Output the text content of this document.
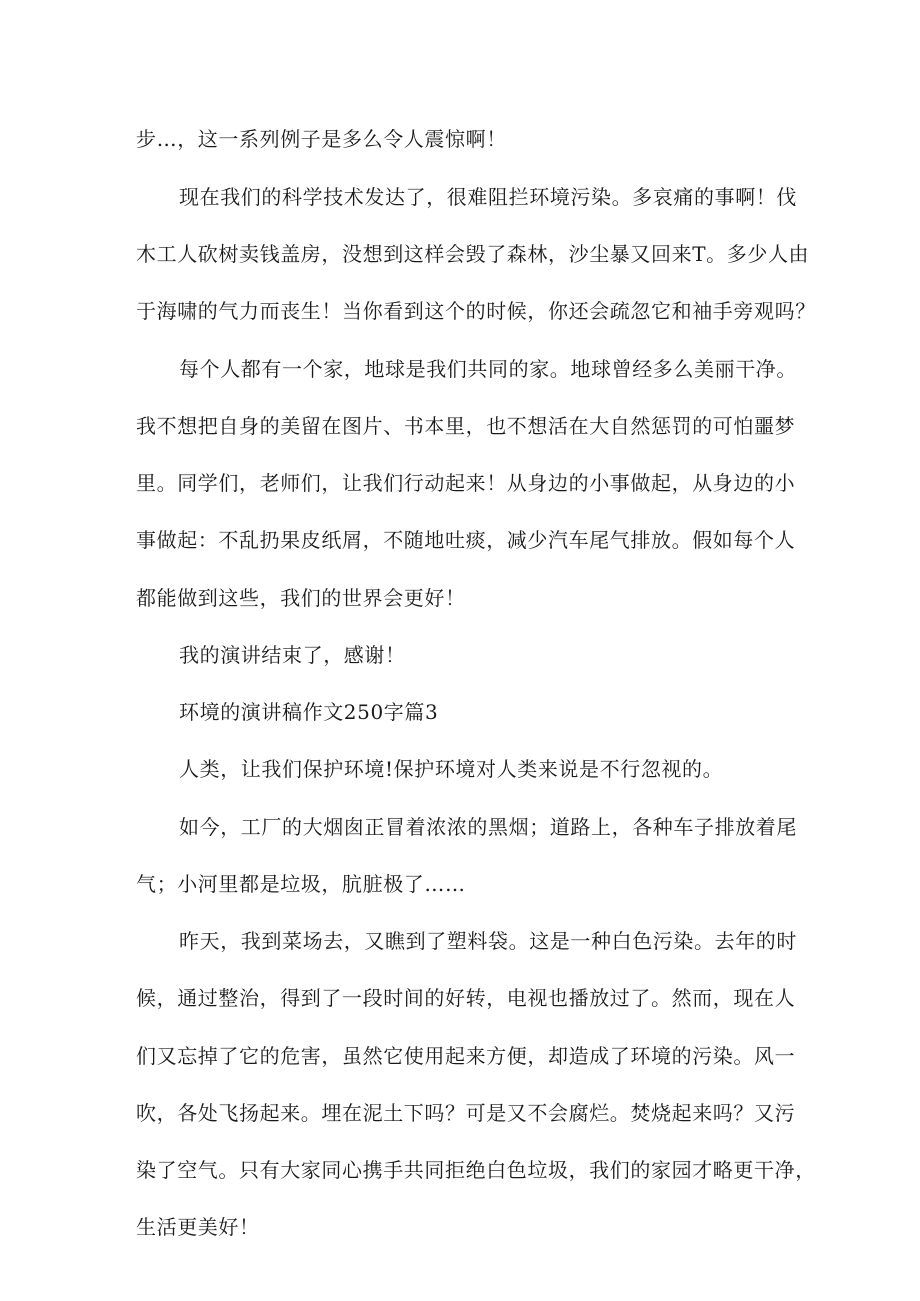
步…，这一系列例子是多么令人震惊啊！
现在我们的科学技术发达了，很难阻拦环境污染。多哀痛的事啊！伐
木工人砍树卖钱盖房，没想到这样会毁了森林，沙尘暴又回来T。多少人由
于海啸的气力而丧生！当你看到这个的时候，你还会疏忽它和袖手旁观吗？
每个人都有一个家，地球是我们共同的家。地球曾经多么美丽干净。
我不想把自身的美留在图片、书本里，也不想活在大自然惩罚的可怕噩梦
里。同学们，老师们，让我们行动起来！从身边的小事做起，从身边的小
事做起：不乱扔果皮纸屑，不随地吐痰，减少汽车尾气排放。假如每个人
都能做到这些，我们的世界会更好！
我的演讲结束了，感谢！
环境的演讲稿作文250字篇3
人类，让我们保护环境!保护环境对人类来说是不行忽视的。
如今，工厂的大烟囱正冒着浓浓的黑烟；道路上，各种车子排放着尾
气；小河里都是垃圾，肮脏极了……
昨天，我到菜场去，又瞧到了塑料袋。这是一种白色污染。去年的时
候，通过整治，得到了一段时间的好转，电视也播放过了。然而，现在人
们又忘掉了它的危害，虽然它使用起来方便，却造成了环境的污染。风一
吹，各处飞扬起来。埋在泥土下吗？可是又不会腐烂。焚烧起来吗？又污
染了空气。只有大家同心携手共同拒绝白色垃圾，我们的家园才略更干净，
生活更美好！
